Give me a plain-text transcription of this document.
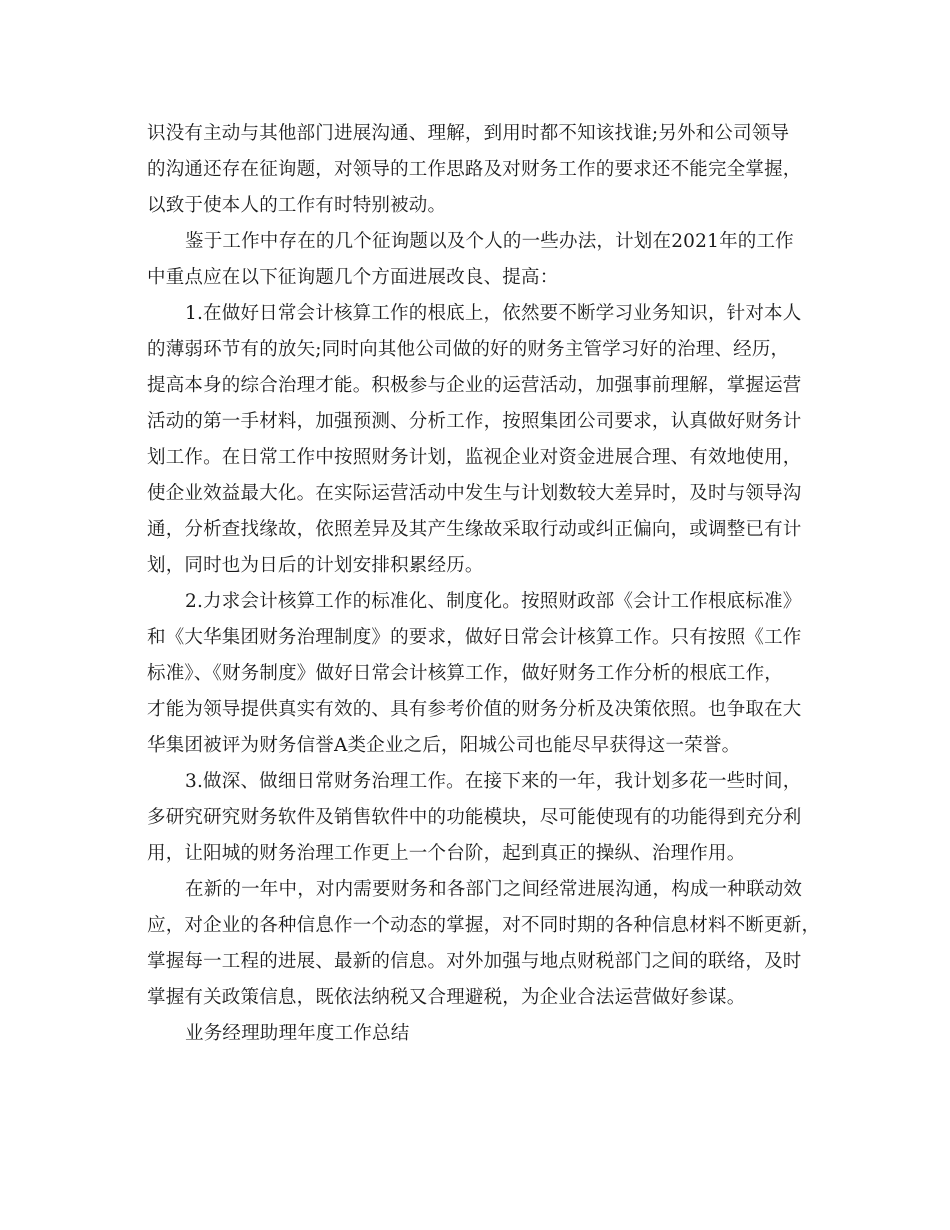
识没有主动与其他部门进展沟通、理解，到用时都不知该找谁;另外和公司领导
的沟通还存在征询题，对领导的工作思路及对财务工作的要求还不能完全掌握，
以致于使本人的工作有时特别被动。
鉴于工作中存在的几个征询题以及个人的一些办法，计划在2021年的工作
中重点应在以下征询题几个方面进展改良、提高：
1.在做好日常会计核算工作的根底上，依然要不断学习业务知识，针对本人
的薄弱环节有的放矢;同时向其他公司做的好的财务主管学习好的治理、经历，
提高本身的综合治理才能。积极参与企业的运营活动，加强事前理解，掌握运营
活动的第一手材料，加强预测、分析工作，按照集团公司要求，认真做好财务计
划工作。在日常工作中按照财务计划，监视企业对资金进展合理、有效地使用，
使企业效益最大化。在实际运营活动中发生与计划数较大差异时，及时与领导沟
通，分析查找缘故，依照差异及其产生缘故采取行动或纠正偏向，或调整已有计
划，同时也为日后的计划安排积累经历。
2.力求会计核算工作的标准化、制度化。按照财政部《会计工作根底标准》
和《大华集团财务治理制度》的要求，做好日常会计核算工作。只有按照《工作
标准》、《财务制度》做好日常会计核算工作，做好财务工作分析的根底工作，
才能为领导提供真实有效的、具有参考价值的财务分析及决策依照。也争取在大
华集团被评为财务信誉A类企业之后，阳城公司也能尽早获得这一荣誉。
3.做深、做细日常财务治理工作。在接下来的一年，我计划多花一些时间，
多研究研究财务软件及销售软件中的功能模块，尽可能使现有的功能得到充分利
用，让阳城的财务治理工作更上一个台阶，起到真正的操纵、治理作用。
在新的一年中，对内需要财务和各部门之间经常进展沟通，构成一种联动效
应，对企业的各种信息作一个动态的掌握，对不同时期的各种信息材料不断更新，
掌握每一工程的进展、最新的信息。对外加强与地点财税部门之间的联络，及时
掌握有关政策信息，既依法纳税又合理避税，为企业合法运营做好参谋。
业务经理助理年度工作总结
